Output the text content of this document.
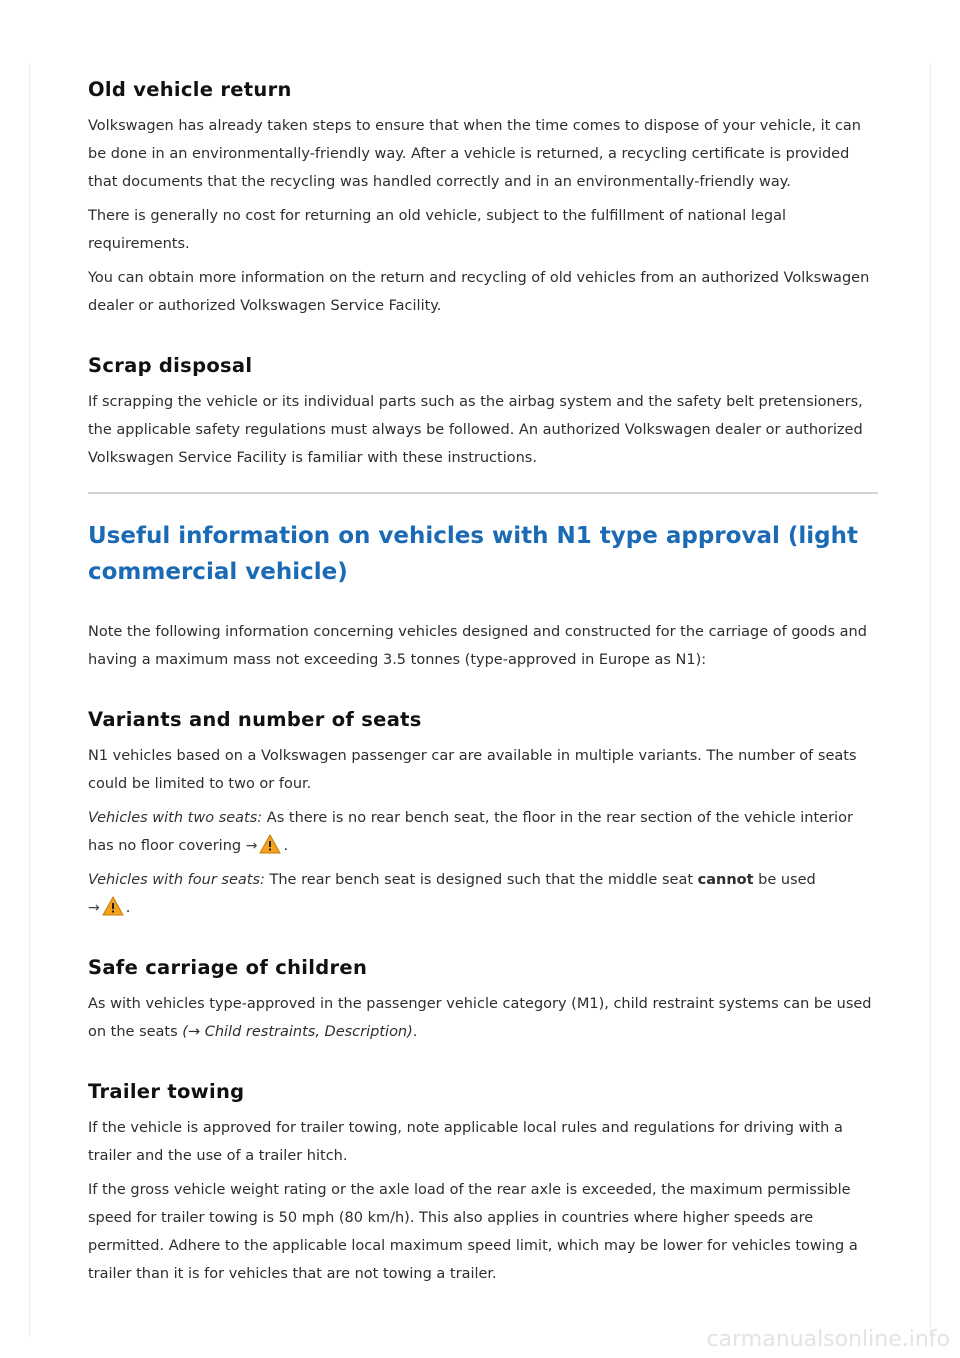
Old vehicle return

Volkswagen has already taken steps to ensure that when the time comes to dispose of your vehicle, it can be done in an environmentally-friendly way. After a vehicle is returned, a recycling certificate is provided that documents that the recycling was handled correctly and in an environmentally-friendly way.

There is generally no cost for returning an old vehicle, subject to the fulfillment of national legal requirements.

You can obtain more information on the return and recycling of old vehicles from an authorized Volkswagen dealer or authorized Volkswagen Service Facility.

Scrap disposal

If scrapping the vehicle or its individual parts such as the airbag system and the safety belt pretensioners, the applicable safety regulations must always be followed. An authorized Volkswagen dealer or authorized Volkswagen Service Facility is familiar with these instructions.

Useful information on vehicles with N1 type approval (light commercial vehicle)

Note the following information concerning vehicles designed and constructed for the carriage of goods and having a maximum mass not exceeding 3.5 tonnes (type-approved in Europe as N1):

Variants and number of seats

N1 vehicles based on a Volkswagen passenger car are available in multiple variants. The number of seats could be limited to two or four.

Vehicles with two seats: As there is no rear bench seat, the floor in the rear section of the vehicle interior has no floor covering → .

Vehicles with four seats: The rear bench seat is designed such that the middle seat cannot be used
→ .

Safe carriage of children

As with vehicles type-approved in the passenger vehicle category (M1), child restraint systems can be used on the seats (→ Child restraints, Description).

Trailer towing

If the vehicle is approved for trailer towing, note applicable local rules and regulations for driving with a trailer and the use of a trailer hitch.

If the gross vehicle weight rating or the axle load of the rear axle is exceeded, the maximum permissible speed for trailer towing is 50 mph (80 km/h). This also applies in countries where higher speeds are permitted. Adhere to the applicable local maximum speed limit, which may be lower for vehicles towing a trailer than it is for vehicles that are not towing a trailer.

carmanualsonline.info
